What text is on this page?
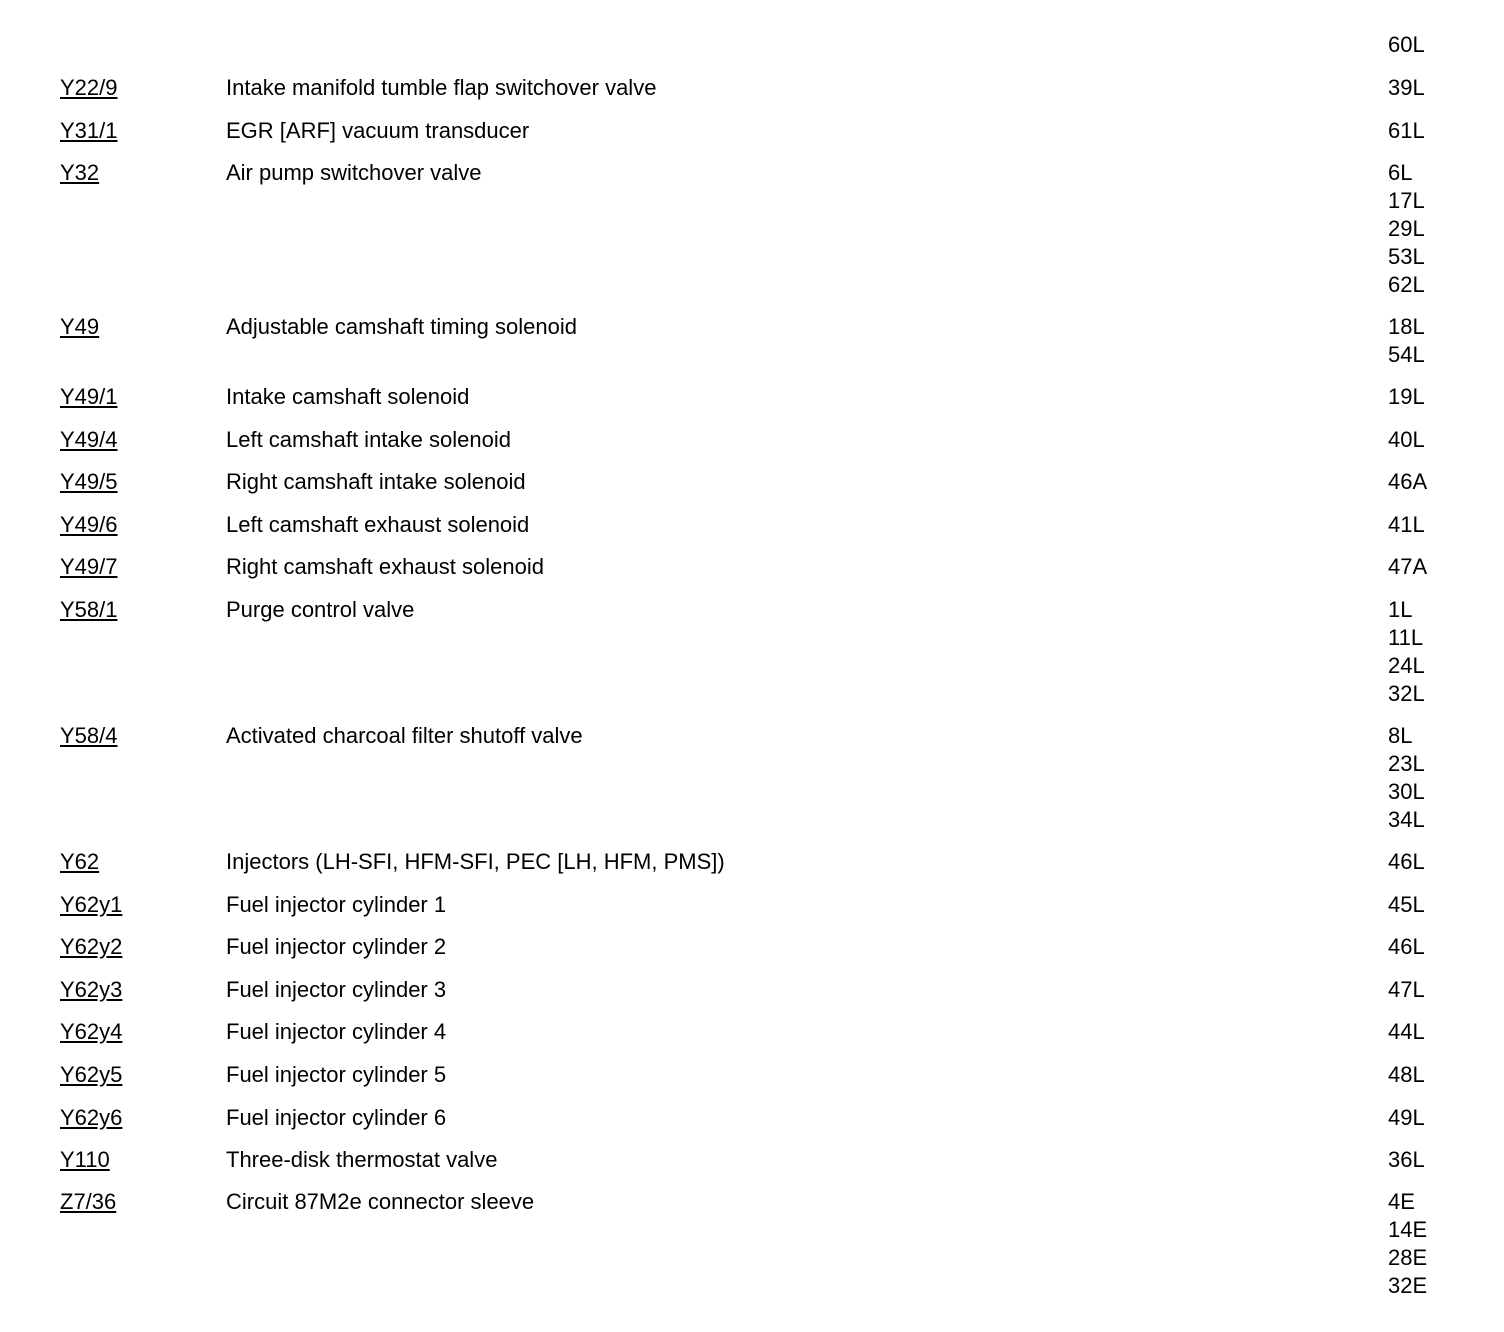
60L
Y22/9	Intake manifold tumble flap switchover valve	39L
Y31/1	EGR [ARF] vacuum transducer	61L
Y32	Air pump switchover valve	6L
17L
29L
53L
62L
Y49	Adjustable camshaft timing solenoid	18L
54L
Y49/1	Intake camshaft solenoid	19L
Y49/4	Left camshaft intake solenoid	40L
Y49/5	Right camshaft intake solenoid	46A
Y49/6	Left camshaft exhaust solenoid	41L
Y49/7	Right camshaft exhaust solenoid	47A
Y58/1	Purge control valve	1L
11L
24L
32L
Y58/4	Activated charcoal filter shutoff valve	8L
23L
30L
34L
Y62	Injectors (LH-SFI, HFM-SFI, PEC [LH, HFM, PMS])	46L
Y62y1	Fuel injector cylinder 1	45L
Y62y2	Fuel injector cylinder 2	46L
Y62y3	Fuel injector cylinder 3	47L
Y62y4	Fuel injector cylinder 4	44L
Y62y5	Fuel injector cylinder 5	48L
Y62y6	Fuel injector cylinder 6	49L
Y110	Three-disk thermostat valve	36L
Z7/36	Circuit 87M2e connector sleeve	4E
14E
28E
32E
